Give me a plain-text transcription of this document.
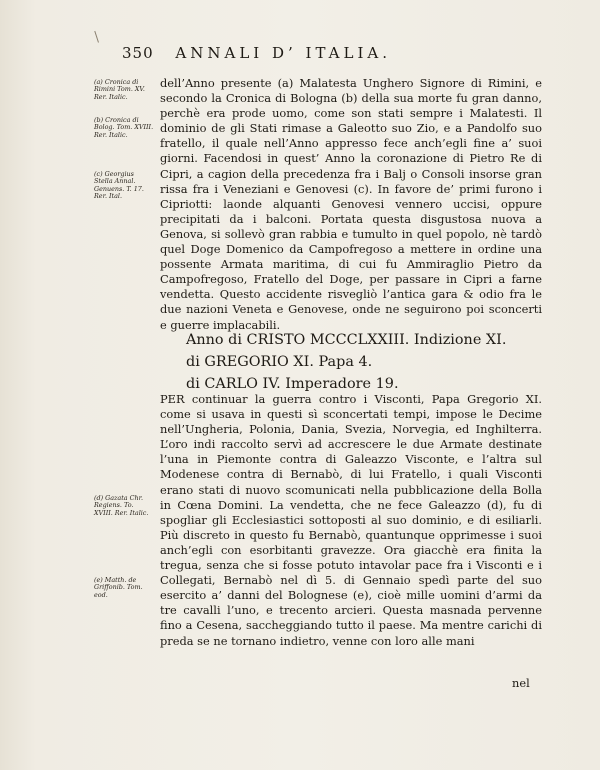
350 ANNALI D’ ITALIA.
(a) Cronica di Rimini Tom. XV. Rer. Italic.
(b) Cronica di Bolog. Tom. XVIII. Rer. Italic.
(c) Georgius Stella Annal. Genuens. T. 17. Rer. Ital.
(d) Gazata Chr. Regiens. To. XVIII. Rer. Italic.
(e) Matth. de Griffonib. Tom. eod.

dell’Anno presente (a) Malatesta Unghero Signore di Rimini, e secondo la Cronica di Bologna (b) della sua morte fu gran danno, perchè era prode uomo, come son stati sempre i Malatesti. Il dominio de gli Stati rimase a Galeotto suo Zio, e a Pandolfo suo fratello, il quale nell’Anno appresso fece anch’egli fine a’ suoi giorni. Facendosi in quest’ Anno la coronazione di Pietro Re di Cipri, a cagion della precedenza fra i Balj o Consoli insorse gran rissa fra i Veneziani e Genovesi (c). In favore de’ primi furono i Cipriotti: laonde alquanti Genovesi vennero uccisi, oppure precipitati da i balconi. Portata questa disgustosa nuova a Genova, si sollevò gran rabbia e tumulto in quel popolo, nè tardò quel Doge Domenico da Campofregoso a mettere in ordine una possente Armata maritima, di cui fu Ammiraglio Pietro da Campofregoso, Fratello del Doge, per passare in Cipri a farne vendetta. Questo accidente risvegliò l’antica gara & odio fra le due nazioni Veneta e Genovese, onde ne seguirono poi sconcerti e guerre implacabili.

Anno di CRISTO MCCCLXXIII. Indizione XI.
di GREGORIO XI. Papa 4.
di CARLO IV. Imperadore 19.

PER continuar la guerra contro i Visconti, Papa Gregorio XI. come si usava in questi sì sconcertati tempi, impose le Decime nell’Ungheria, Polonia, Dania, Svezia, Norvegia, ed Inghilterra. L’oro indi raccolto servì ad accrescere le due Armate destinate l’una in Piemonte contra di Galeazzo Visconte, e l’altra sul Modenese contra di Bernabò, di lui Fratello, i quali Visconti erano stati di nuovo scomunicati nella pubblicazione della Bolla in Cœna Domini. La vendetta, che ne fece Galeazzo (d), fu di spogliar gli Ecclesiastici sottoposti al suo dominio, e di esiliarli. Più discreto in questo fu Bernabò, quantunque opprimesse i suoi anch’egli con esorbitanti gravezze. Ora giacchè era finita la tregua, senza che si fosse potuto intavolar pace fra i Visconti e i Collegati, Bernabò nel dì 5. di Gennaio spedì parte del suo esercito a’ danni del Bolognese (e), cioè mille uomini d’armi da tre cavalli l’uno, e trecento arcieri. Questa masnada pervenne fino a Cesena, saccheggiando tutto il paese. Ma mentre carichi di preda se ne tornano indietro, venne con loro alle mani

nel
